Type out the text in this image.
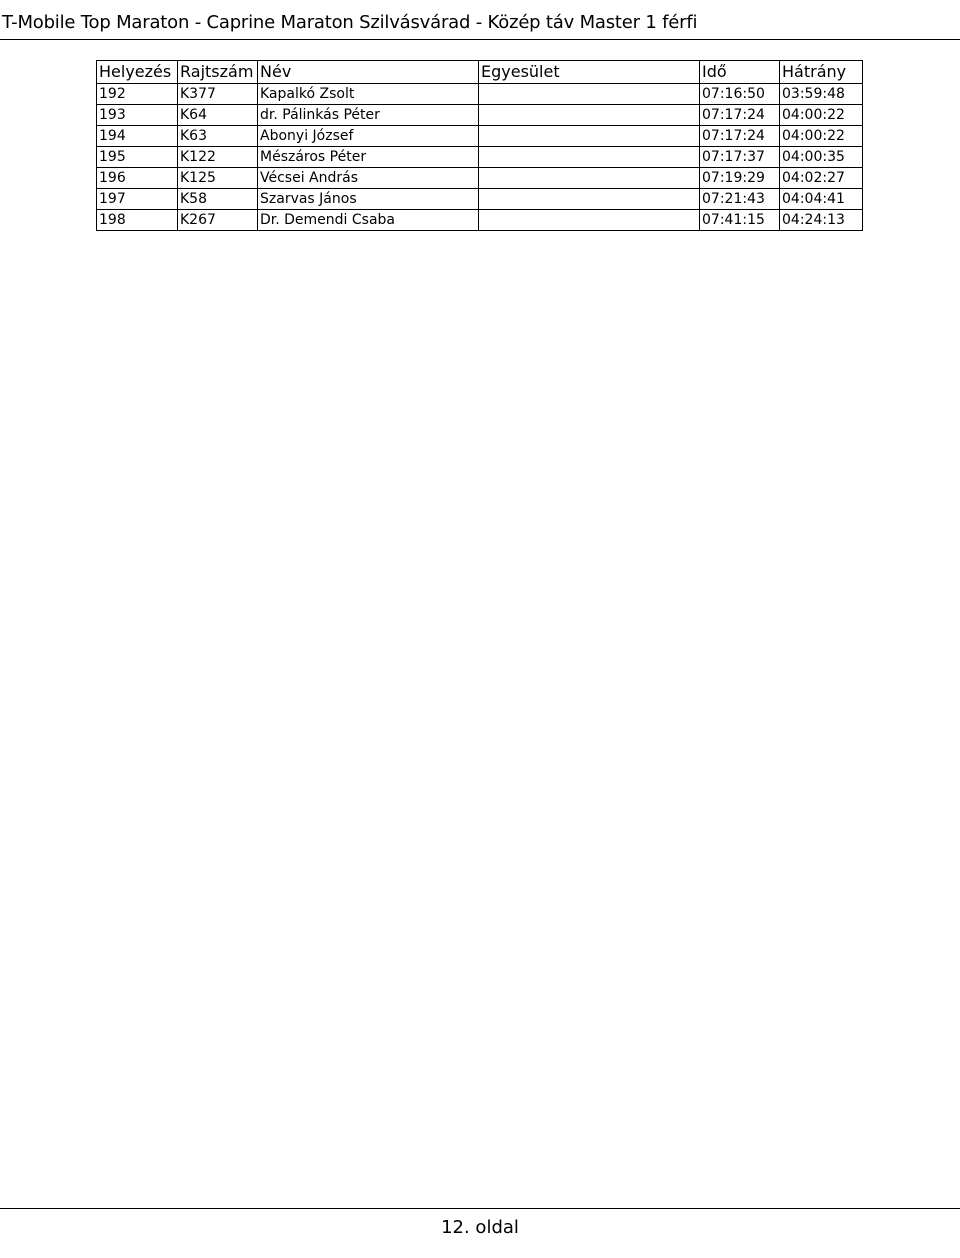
T-Mobile Top Maraton - Caprine Maraton Szilvásvárad - Közép táv Master 1 férfi
Helyezés	Rajtszám	Név	Egyesület	Idő	Hátrány
192	K377	Kapalkó Zsolt		07:16:50	03:59:48
193	K64	dr. Pálinkás Péter		07:17:24	04:00:22
194	K63	Abonyi József		07:17:24	04:00:22
195	K122	Mészáros Péter		07:17:37	04:00:35
196	K125	Vécsei András		07:19:29	04:02:27
197	K58	Szarvas János		07:21:43	04:04:41
198	K267	Dr. Demendi Csaba		07:41:15	04:24:13
12. oldal
